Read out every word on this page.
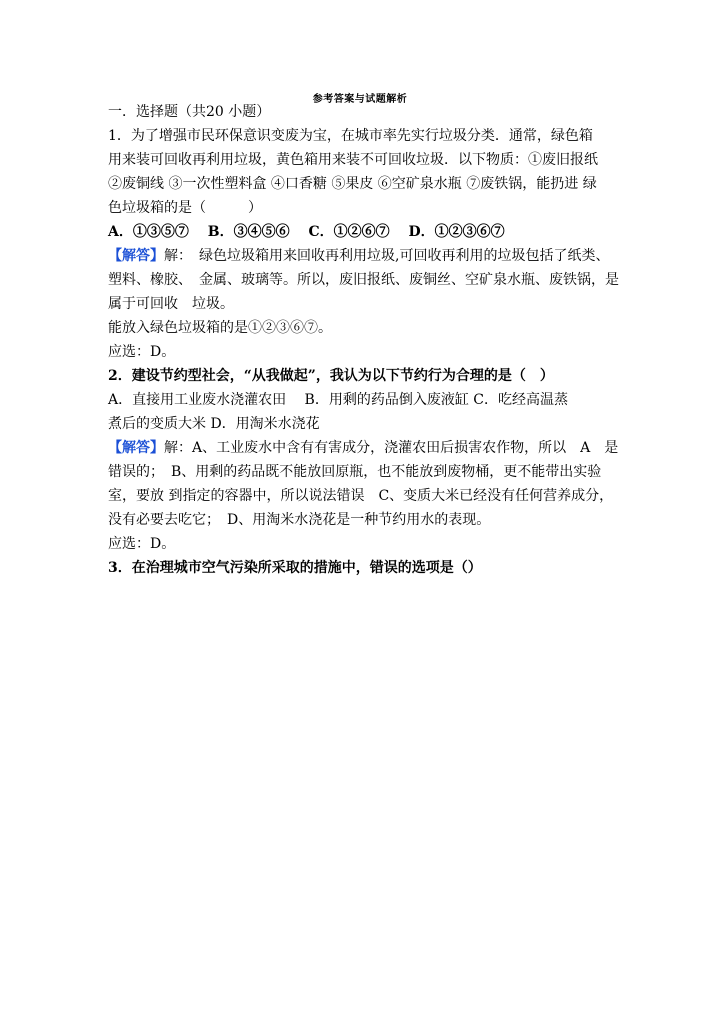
参考答案与试题解析
一．选择题（共20 小题）
1．为了增强市民环保意识变废为宝，在城市率先实行垃圾分类．通常，绿色箱
用来装可回收再利用垃圾，黄色箱用来装不可回收垃圾．以下物质：①废旧报纸
②废铜线 ③一次性塑料盒 ④口香糖 ⑤果皮 ⑥空矿泉水瓶 ⑦废铁锅，能扔进 绿
色垃圾箱的是（　　　）
A．①③⑤⑦　 B．③④⑤⑥　 C．①②⑥⑦　 D．①②③⑥⑦
【解答】解：　绿色垃圾箱用来回收再利用垃圾,可回收再利用的垃圾包括了纸类、
塑料、橡胶、　金属、玻璃等。所以，废旧报纸、废铜丝、空矿泉水瓶、废铁锅，是
属于可回收　垃圾。
能放入绿色垃圾箱的是①②③⑥⑦。
应选：D。
2．建设节约型社会，“从我做起”，我认为以下节约行为合理的是（　）
A．直接用工业废水浇灌农田　 B．用剩的药品倒入废液缸 C．吃经高温蒸
煮后的变质大米 D．用淘米水浇花
【解答】解：A、工业废水中含有有害成分，浇灌农田后损害农作物，所以　A　是
错误的；　B、用剩的药品既不能放回原瓶，也不能放到废物桶，更不能带出实验
室，要放 到指定的容器中，所以说法错误　C、变质大米已经没有任何营养成分，
没有必要去吃它；　D、用淘米水浇花是一种节约用水的表现。
应选：D。
3．在治理城市空气污染所采取的措施中，错误的选项是（）
